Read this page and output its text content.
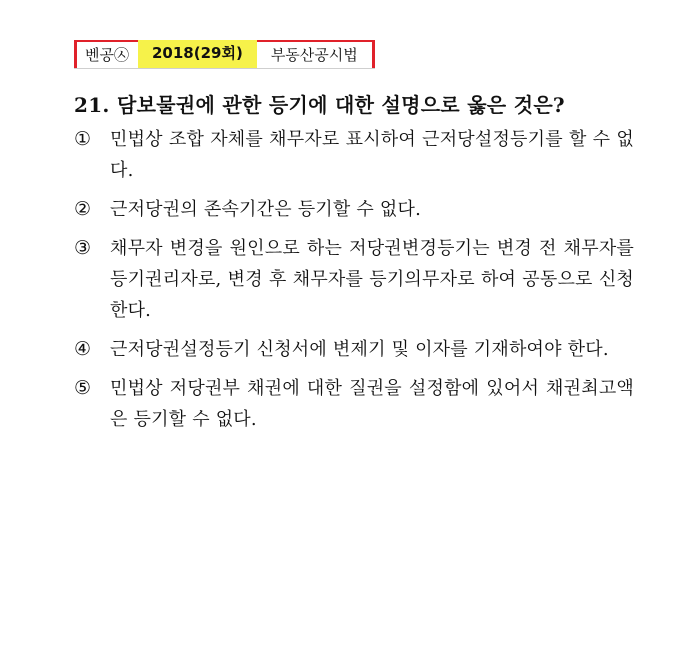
벤공㉦	2018(29회)	부동산공시법
21. 담보물권에 관한 등기에 대한 설명으로 옳은 것은?
①	민법상 조합 자체를 채무자로 표시하여 근저당설정등기를 할 수 없다.
②	근저당권의 존속기간은 등기할 수 없다.
③	채무자 변경을 원인으로 하는 저당권변경등기는 변경 전 채무자를 등기권리자로, 변경 후 채무자를 등기의무자로 하여 공동으로 신청한다.
④	근저당권설정등기 신청서에 변제기 및 이자를 기재하여야 한다.
⑤	민법상 저당권부 채권에 대한 질권을 설정함에 있어서 채권최고액은 등기할 수 없다.
